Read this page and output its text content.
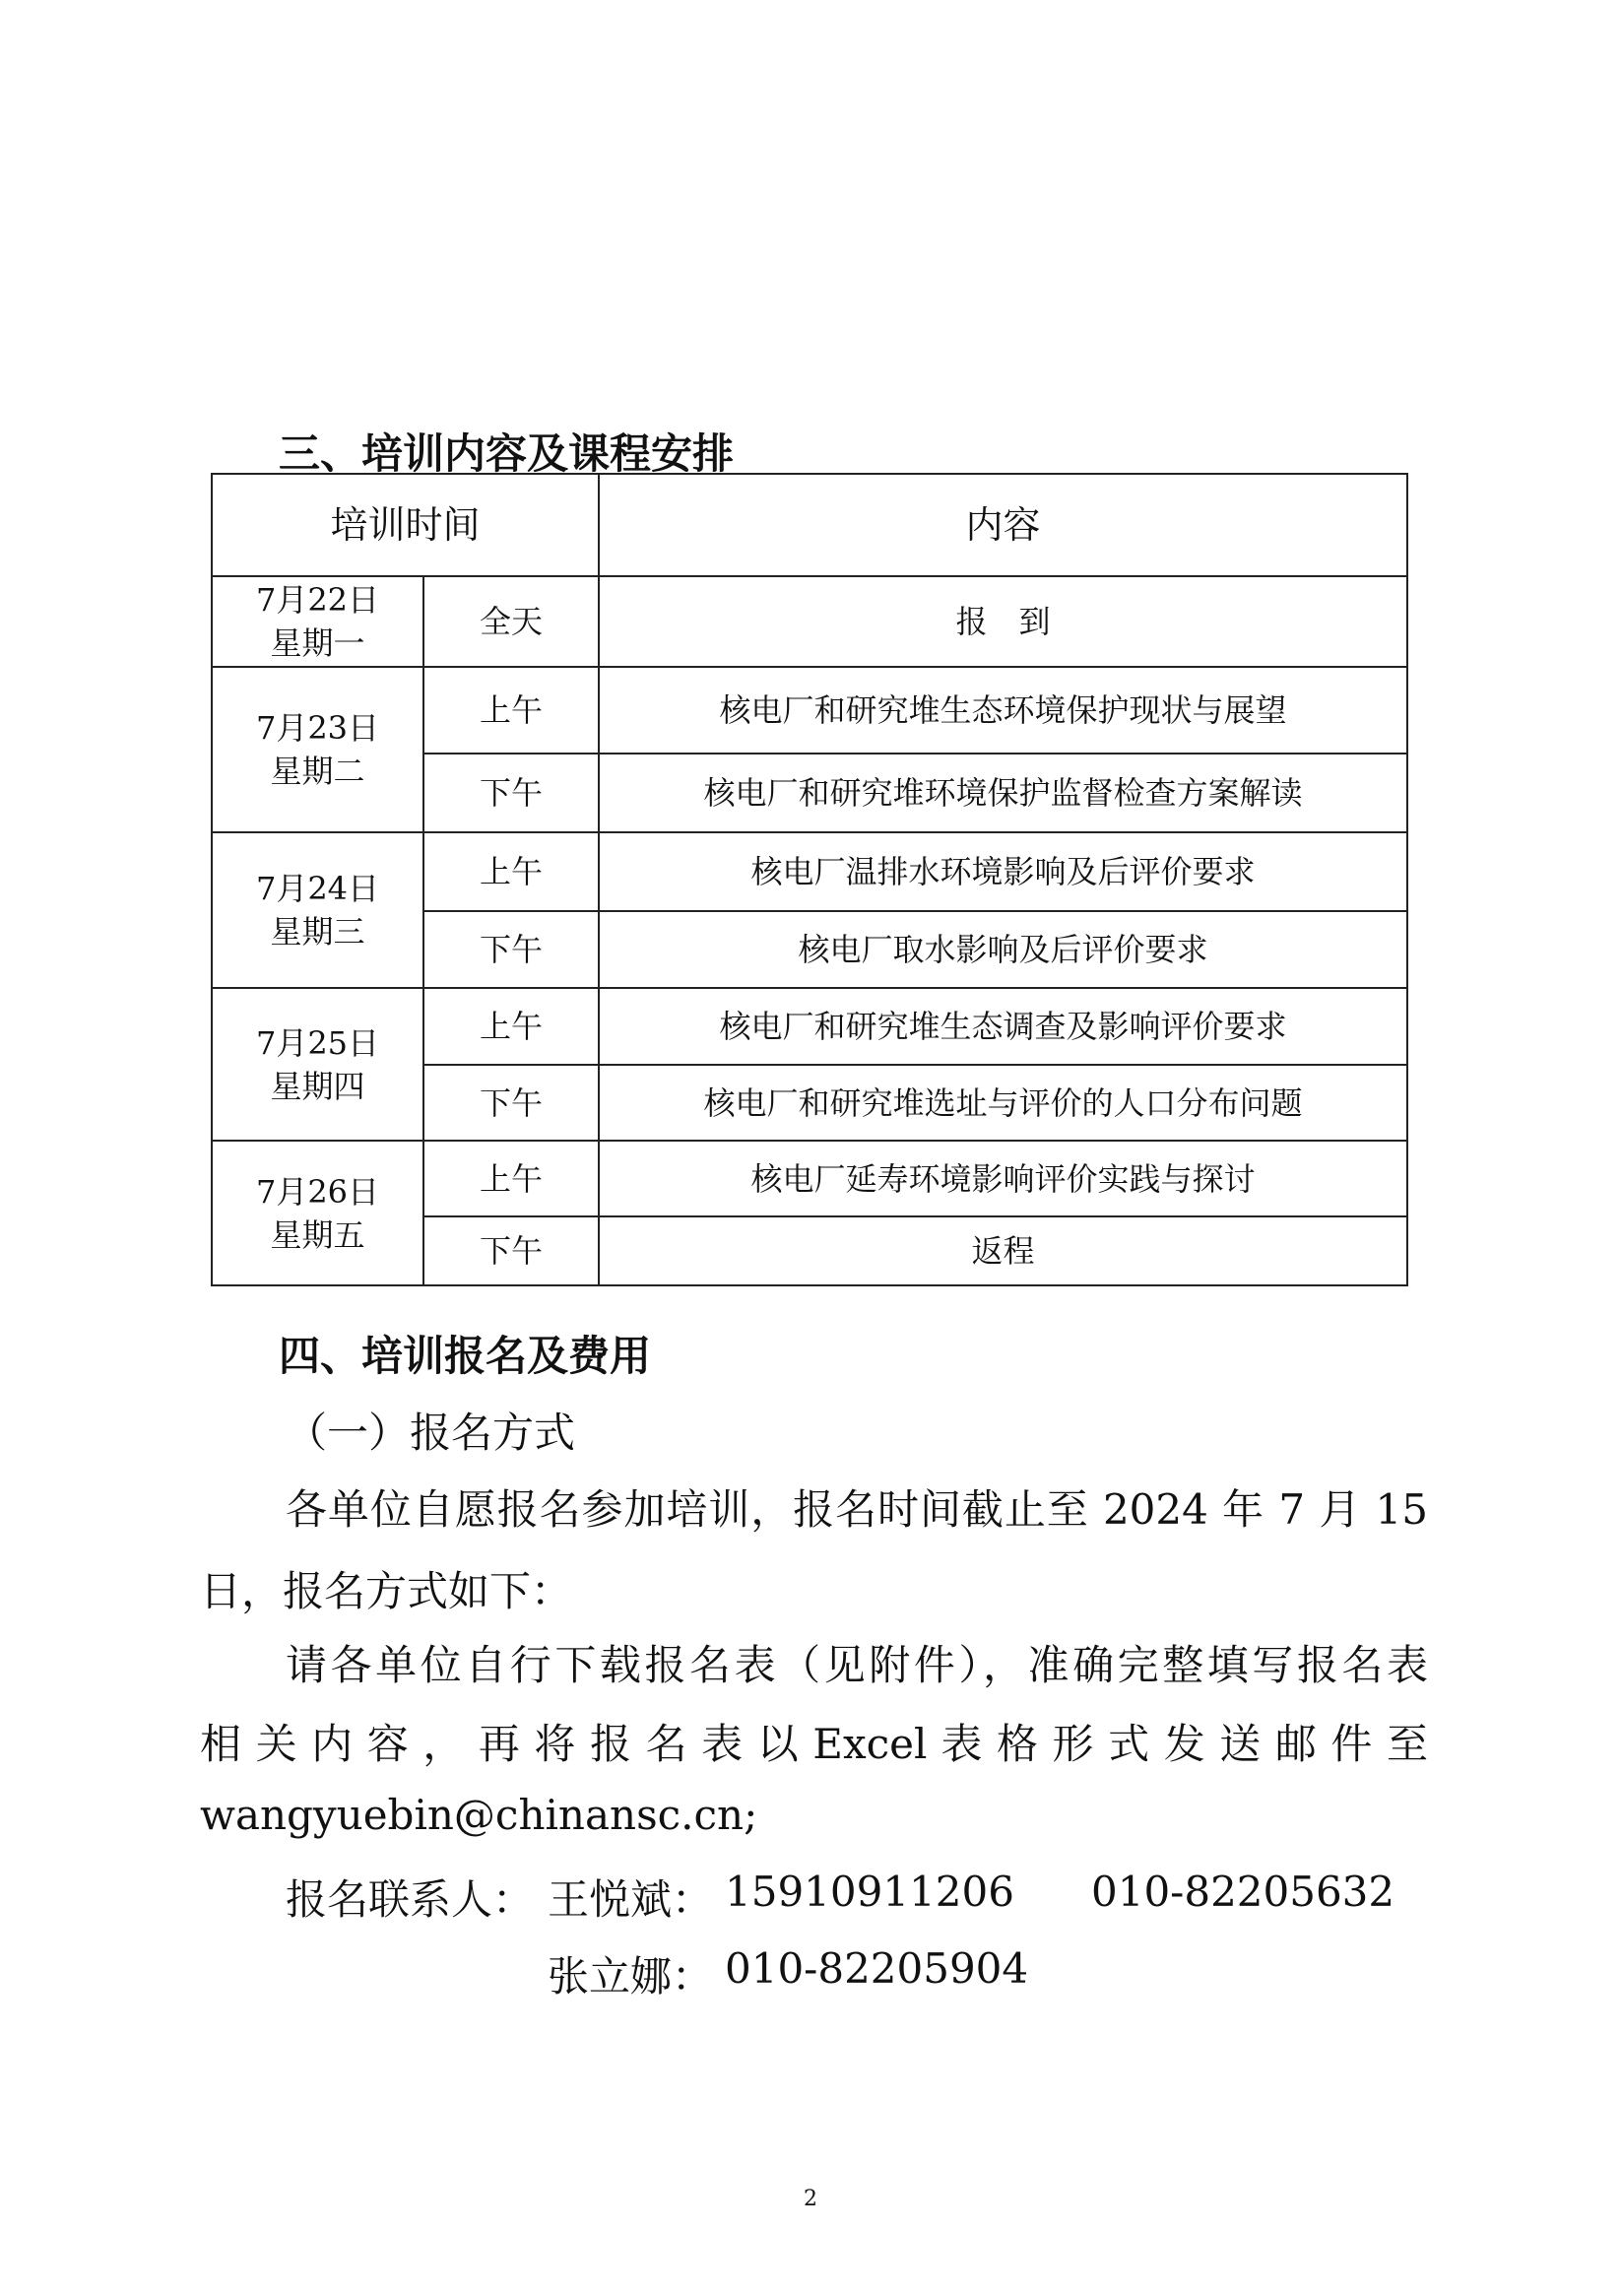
三、培训内容及课程安排
培训时间		内容

7月22日
星期一	全天	报　到

7月23日
星期二	上午	核电厂和研究堆生态环境保护现状与展望
	下午	核电厂和研究堆环境保护监督检查方案解读

7月24日
星期三	上午	核电厂温排水环境影响及后评价要求
	下午	核电厂取水影响及后评价要求

7月25日
星期四	上午	核电厂和研究堆生态调查及影响评价要求
	下午	核电厂和研究堆选址与评价的人口分布问题

7月26日
星期五	上午	核电厂延寿环境影响评价实践与探讨
	下午	返程
四、培训报名及费用
（一）报名方式
各单位自愿报名参加培训，报名时间截止至 2024 年 7 月 15
日，报名方式如下：
请各单位自行下载报名表（见附件），准确完整填写报名表
相 关 内 容 ， 再 将 报 名 表 以 Excel 表 格 形 式 发 送 邮 件 至
wangyuebin@chinansc.cn;
报名联系人： 王悦斌： 15910911206 010-82205632
张立娜： 010-82205904
2
